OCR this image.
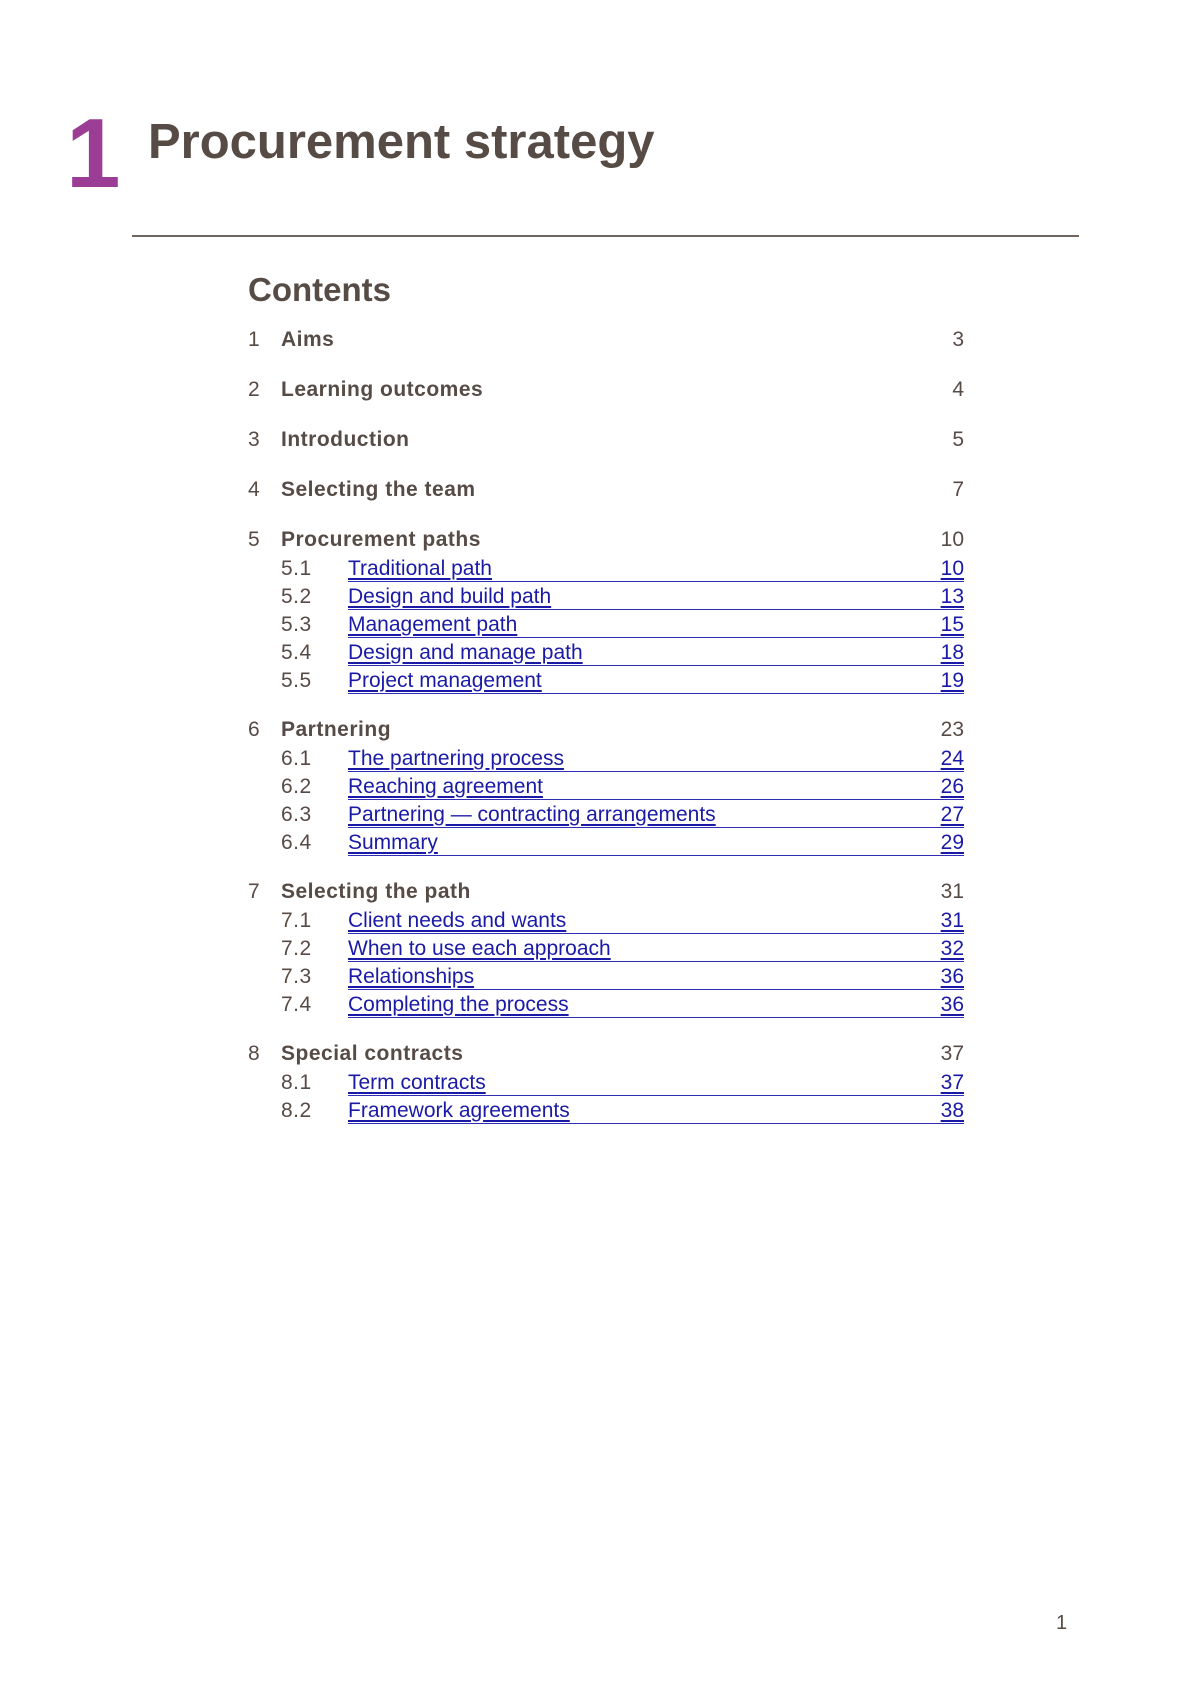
1 Procurement strategy
Contents
1	Aims	3
2	Learning outcomes	4
3	Introduction	5
4	Selecting the team	7
5	Procurement paths	10
5.1	Traditional path	10
5.2	Design and build path	13
5.3	Management path	15
5.4	Design and manage path	18
5.5	Project management	19
6	Partnering	23
6.1	The partnering process	24
6.2	Reaching agreement	26
6.3	Partnering — contracting arrangements	27
6.4	Summary	29
7	Selecting the path	31
7.1	Client needs and wants	31
7.2	When to use each approach	32
7.3	Relationships	36
7.4	Completing the process	36
8	Special contracts	37
8.1	Term contracts	37
8.2	Framework agreements	38
1
